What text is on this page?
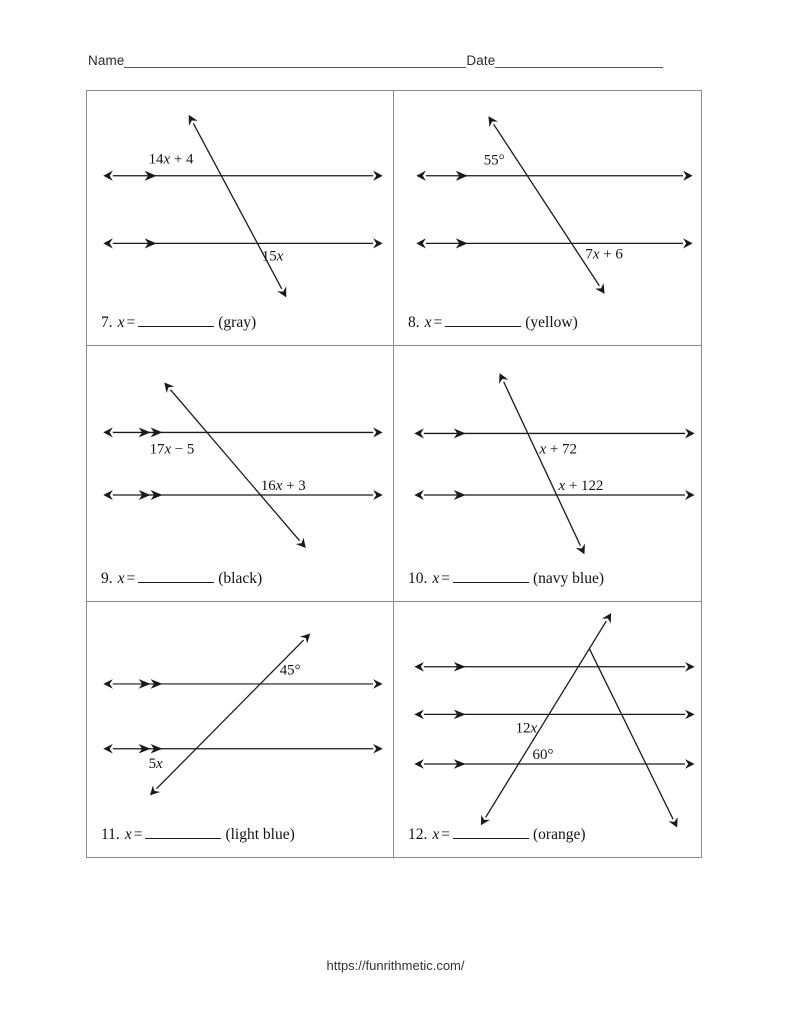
Name	Date
14x + 4
15x
7. x =	(gray)
55°
7x + 6
8. x =	(yellow)
17x − 5
16x + 3
9. x =	(black)
x + 72
x + 122
10. x =	(navy blue)
45°
5x
11. x =	(light blue)
12x
60°
12. x =	(orange)
https://funrithmetic.com/
